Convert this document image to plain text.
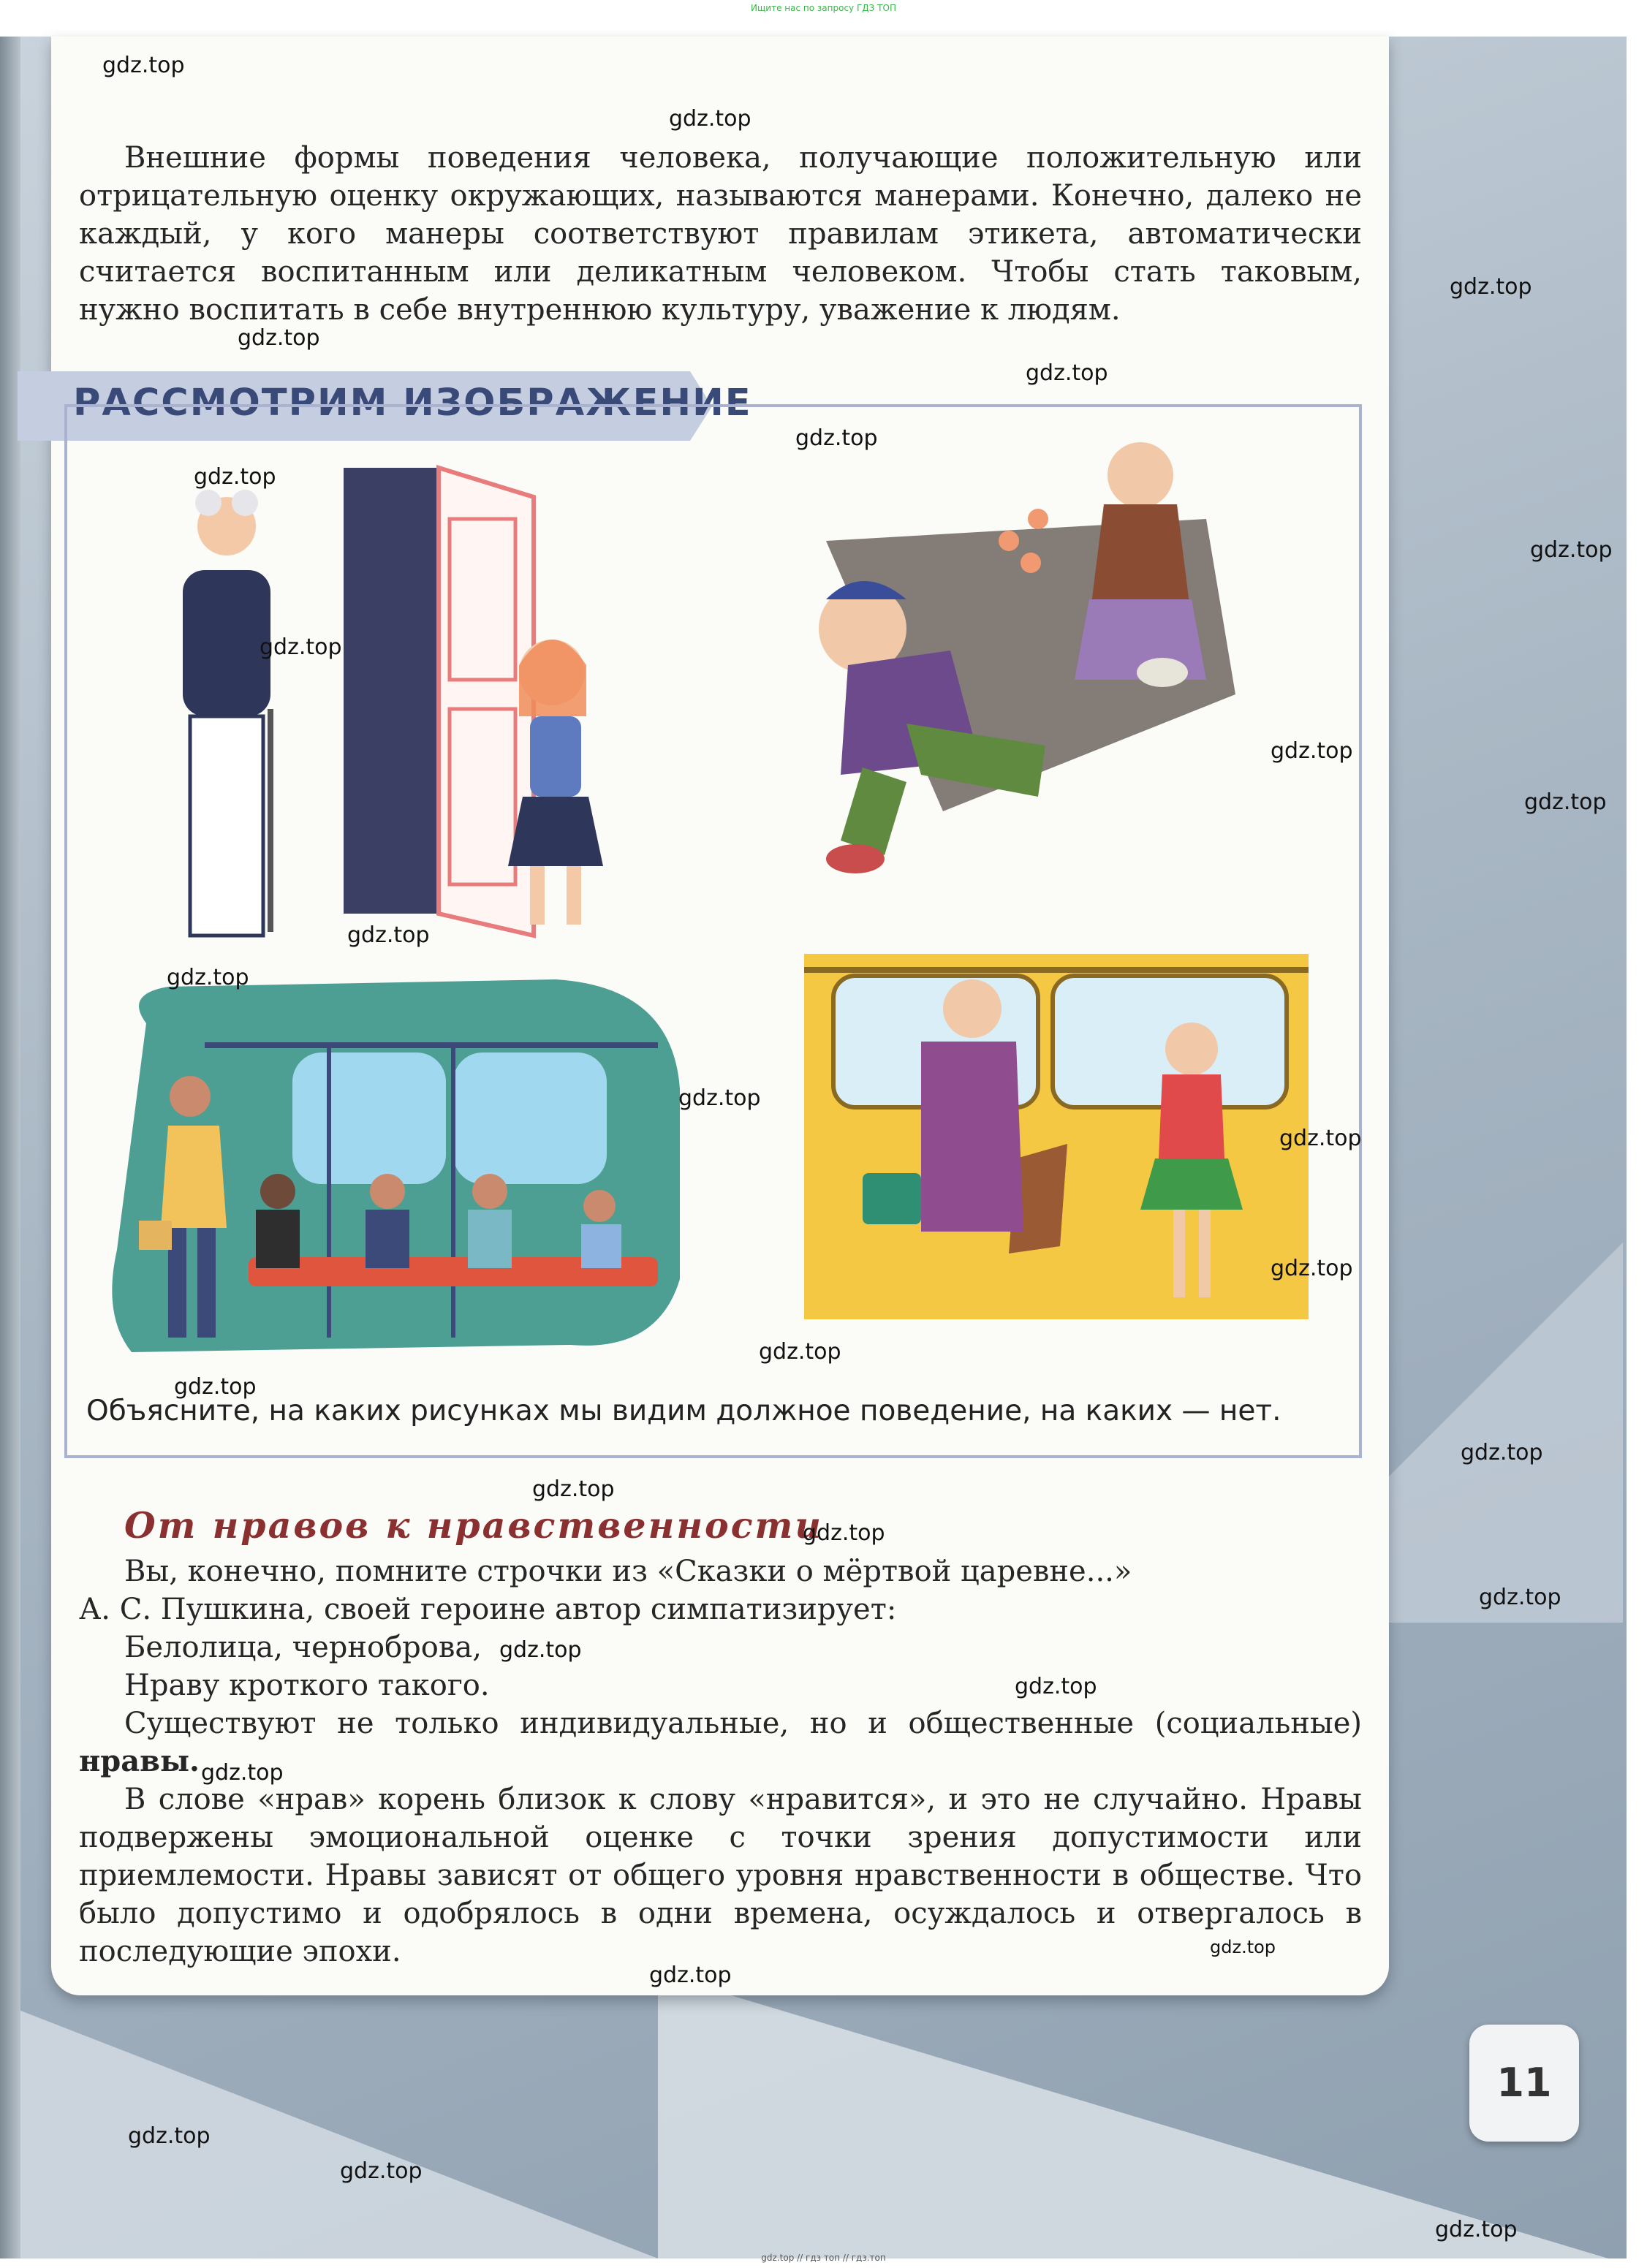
Ищите нас по запросу ГДЗ ТОП

Внешние формы поведения человека, получающие положительную или отрицательную оценку окружающих, называются манерами. Конечно, далеко не каждый, у кого манеры соответствуют правилам этикета, автоматически считается воспитанным или деликатным человеком. Чтобы стать таковым, нужно воспитать в себе внутреннюю культуру, уважение к людям.

РАССМОТРИМ ИЗОБРАЖЕНИЕ
Объясните, на каких рисунках мы видим должное поведение, на каких — нет.
От нравов к нравственности

Вы, конечно, помните строчки из «Сказки о мёртвой царевне...»

А. С. Пушкина, своей героине автор симпатизирует:

Белолица, черноброва,

Нраву кроткого такого.

Существуют не только индивидуальные, но и общественные (социальные) нравы.

В слове «нрав» корень близок к слову «нравится», и это не случайно. Нравы подвержены эмоциональной оценке с точки зрения допустимости или приемлемости. Нравы зависят от общего уровня нравственности в обществе. Что было допустимо и одобрялось в одни времена, осуждалось и отвергалось в последующие эпохи.

11
gdz.top
gdz.top
gdz.top
gdz.top
gdz.top
gdz.top
gdz.top
gdz.top
gdz.top
gdz.top
gdz.top
gdz.top
gdz.top
gdz.top
gdz.top
gdz.top
gdz.top
gdz.top
gdz.top
gdz.top
gdz.top
gdz.top
gdz.top
gdz.top
gdz.top
gdz.top
gdz.top
gdz.top
gdz.top
gdz.top
gdz.top // гдз топ // гдз.топ
